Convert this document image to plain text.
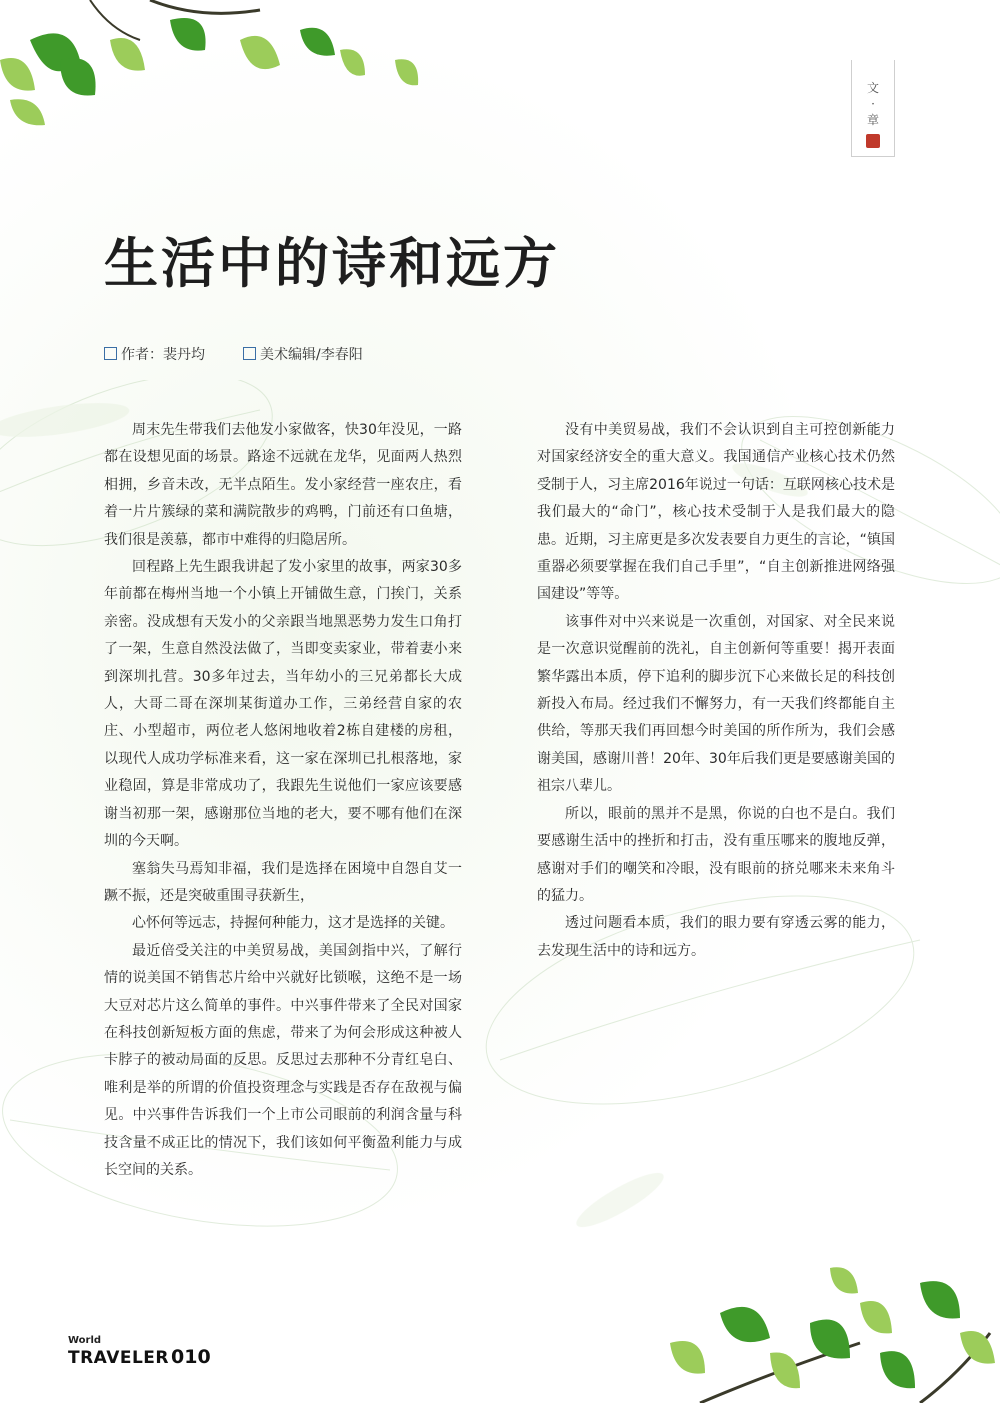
文
·
章
生活中的诗和远方
作者：裴丹均	美术编辑/李春阳

周末先生带我们去他发小家做客，快30年没见，一路都在设想见面的场景。路途不远就在龙华，见面两人热烈相拥，乡音未改，无半点陌生。发小家经营一座农庄，看着一片片簇绿的菜和满院散步的鸡鸭，门前还有口鱼塘，我们很是羡慕，都市中难得的归隐居所。

回程路上先生跟我讲起了发小家里的故事，两家30多年前都在梅州当地一个小镇上开铺做生意，门挨门，关系亲密。没成想有天发小的父亲跟当地黑恶势力发生口角打了一架，生意自然没法做了，当即变卖家业，带着妻小来到深圳扎营。30多年过去，当年幼小的三兄弟都长大成人，大哥二哥在深圳某街道办工作，三弟经营自家的农庄、小型超市，两位老人悠闲地收着2栋自建楼的房租，以现代人成功学标准来看，这一家在深圳已扎根落地，家业稳固，算是非常成功了，我跟先生说他们一家应该要感谢当初那一架，感谢那位当地的老大，要不哪有他们在深圳的今天啊。

塞翁失马焉知非福，我们是选择在困境中自怨自艾一蹶不振，还是突破重围寻获新生，

心怀何等远志，持握何种能力，这才是选择的关键。

最近倍受关注的中美贸易战，美国剑指中兴，了解行情的说美国不销售芯片给中兴就好比锁喉，这绝不是一场大豆对芯片这么简单的事件。中兴事件带来了全民对国家在科技创新短板方面的焦虑，带来了为何会形成这种被人卡脖子的被动局面的反思。反思过去那种不分青红皂白、唯利是举的所谓的价值投资理念与实践是否存在敌视与偏见。中兴事件告诉我们一个上市公司眼前的利润含量与科技含量不成正比的情况下，我们该如何平衡盈利能力与成长空间的关系。

没有中美贸易战，我们不会认识到自主可控创新能力对国家经济安全的重大意义。我国通信产业核心技术仍然受制于人，习主席2016年说过一句话：互联网核心技术是我们最大的“命门”，核心技术受制于人是我们最大的隐患。近期，习主席更是多次发表要自力更生的言论，“镇国重器必须要掌握在我们自己手里”，“自主创新推进网络强国建设”等等。

该事件对中兴来说是一次重创，对国家、对全民来说是一次意识觉醒前的洗礼，自主创新何等重要！揭开表面繁华露出本质，停下追利的脚步沉下心来做长足的科技创新投入布局。经过我们不懈努力，有一天我们终都能自主供给，等那天我们再回想今时美国的所作所为，我们会感谢美国，感谢川普！20年、30年后我们更是要感谢美国的祖宗八辈儿。

所以，眼前的黑并不是黑，你说的白也不是白。我们要感谢生活中的挫折和打击，没有重压哪来的腹地反弹，感谢对手们的嘲笑和冷眼，没有眼前的挤兑哪来未来角斗的猛力。

透过问题看本质，我们的眼力要有穿透云雾的能力，去发现生活中的诗和远方。

World
TRAVELER 010
